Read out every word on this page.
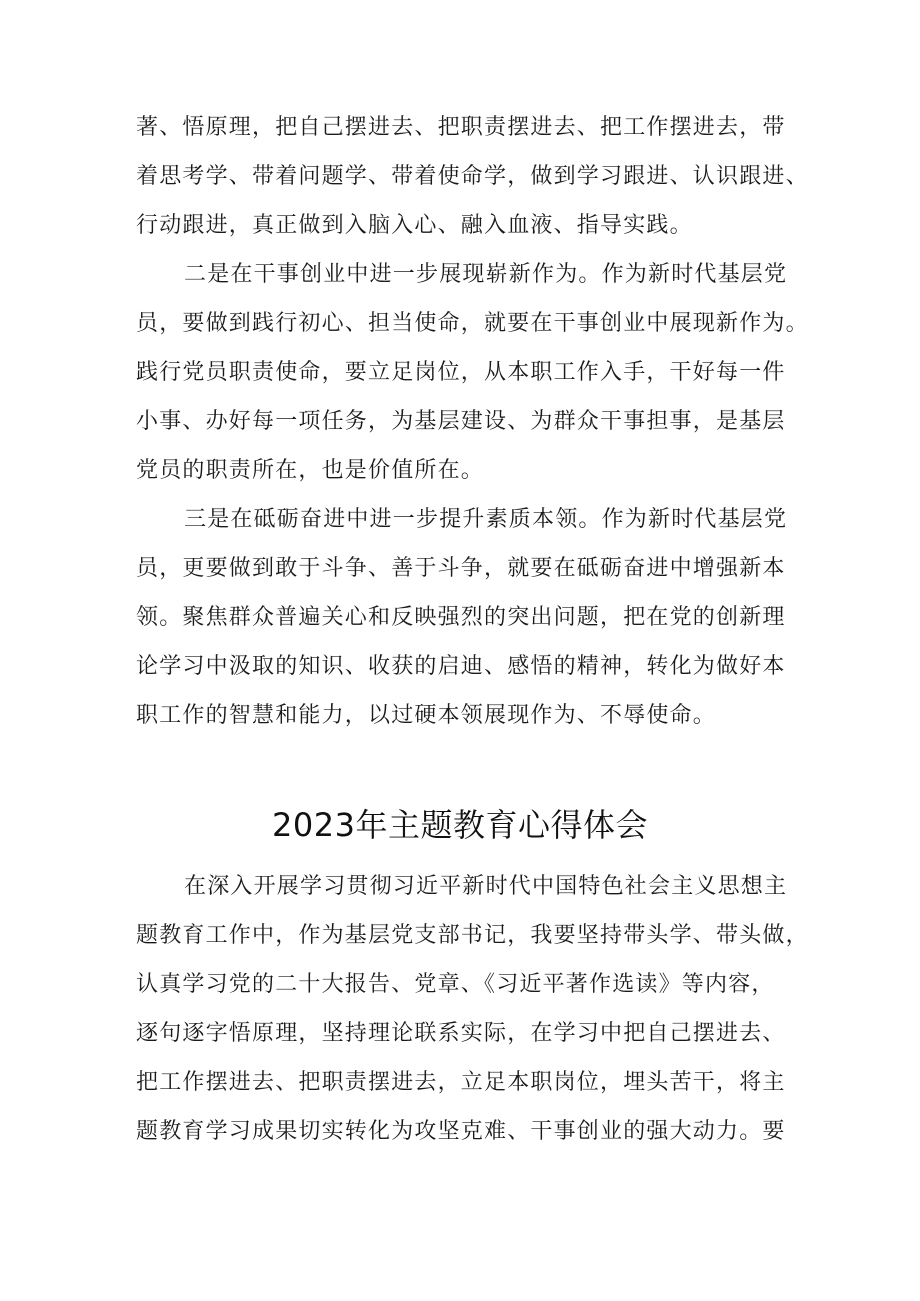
著、悟原理，把自己摆进去、把职责摆进去、把工作摆进去，带
着思考学、带着问题学、带着使命学，做到学习跟进、认识跟进、
行动跟进，真正做到入脑入心、融入血液、指导实践。

二是在干事创业中进一步展现崭新作为。作为新时代基层党
员，要做到践行初心、担当使命，就要在干事创业中展现新作为。
践行党员职责使命，要立足岗位，从本职工作入手，干好每一件
小事、办好每一项任务，为基层建设、为群众干事担事，是基层
党员的职责所在，也是价值所在。

三是在砥砺奋进中进一步提升素质本领。作为新时代基层党
员，更要做到敢于斗争、善于斗争，就要在砥砺奋进中增强新本
领。聚焦群众普遍关心和反映强烈的突出问题，把在党的创新理
论学习中汲取的知识、收获的启迪、感悟的精神，转化为做好本
职工作的智慧和能力，以过硬本领展现作为、不辱使命。

2023年主题教育心得体会

在深入开展学习贯彻习近平新时代中国特色社会主义思想主
题教育工作中，作为基层党支部书记，我要坚持带头学、带头做，
认真学习党的二十大报告、党章、《习近平著作选读》等内容，
逐句逐字悟原理，坚持理论联系实际，在学习中把自己摆进去、
把工作摆进去、把职责摆进去，立足本职岗位，埋头苦干，将主
题教育学习成果切实转化为攻坚克难、干事创业的强大动力。要
